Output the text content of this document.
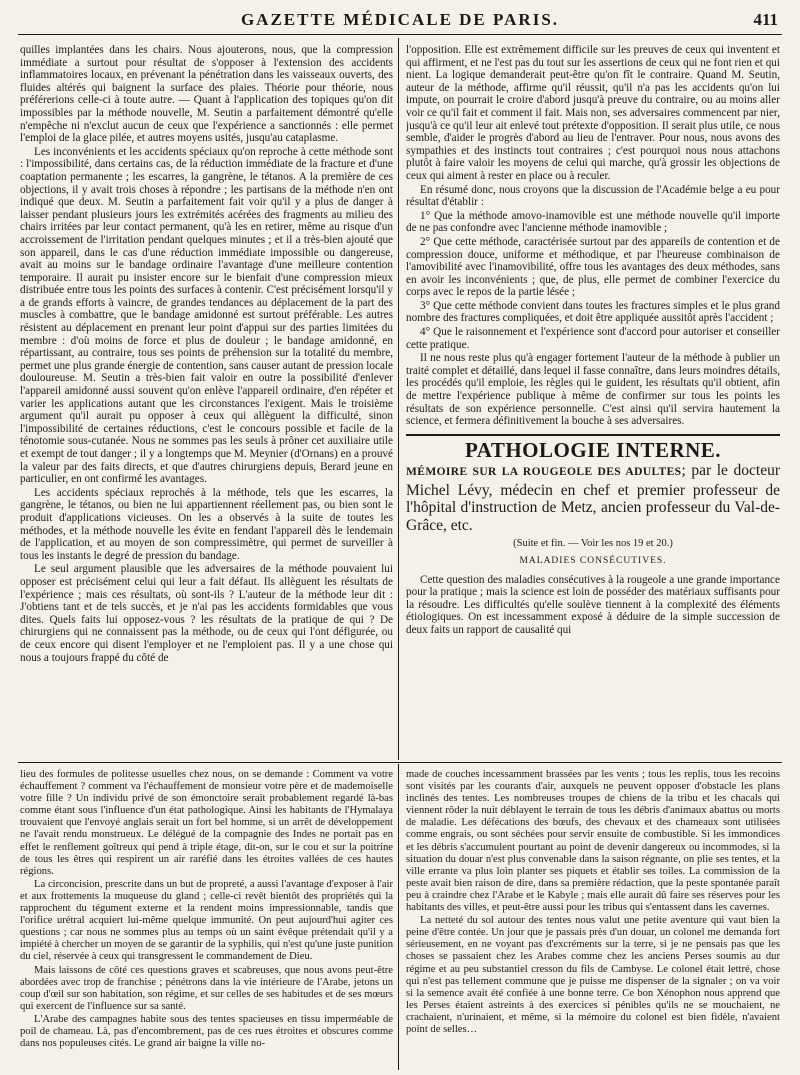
GAZETTE MÉDICALE DE PARIS.	411

quilles implantées dans les chairs. Nous ajouterons, nous, que la compression immédiate a surtout pour résultat de s'opposer à l'extension des accidents inflammatoires locaux, en prévenant la pénétration dans les vaisseaux ouverts, des fluides altérés qui baignent la surface des plaies. Théorie pour théorie, nous préférerions celle-ci à toute autre. — Quant à l'application des topiques qu'on dit impossibles par la méthode nouvelle, M. Seutin a parfaitement démontré qu'elle n'empêche ni n'exclut aucun de ceux que l'expérience a sanctionnés : elle permet l'emploi de la glace pilée, et autres moyens usités, jusqu'au cataplasme.

Les inconvénients et les accidents spéciaux qu'on reproche à cette méthode sont : l'impossibilité, dans certains cas, de la réduction immédiate de la fracture et d'une coaptation permanente ; les escarres, la gangrène, le tétanos. A la première de ces objections, il y avait trois choses à répondre ; les partisans de la méthode n'en ont indiqué que deux. M. Seutin a parfaitement fait voir qu'il y a plus de danger à laisser pendant plusieurs jours les extrémités acérées des fragments au milieu des chairs irritées par leur contact permanent, qu'à les en retirer, même au risque d'un accroissement de l'irritation pendant quelques minutes ; et il a très-bien ajouté que son appareil, dans le cas d'une réduction immédiate impossible ou dangereuse, avait au moins sur le bandage ordinaire l'avantage d'une meilleure contention temporaire. Il aurait pu insister encore sur le bienfait d'une compression mieux distribuée entre tous les points des surfaces à contenir. C'est précisément lorsqu'il y a de grands efforts à vaincre, de grandes tendances au déplacement de la part des muscles à combattre, que le bandage amidonné est surtout préférable. Les autres résistent au déplacement en prenant leur point d'appui sur des parties limitées du membre : d'où moins de force et plus de douleur ; le bandage amidonné, en répartissant, au contraire, tous ses points de préhension sur la totalité du membre, permet une plus grande énergie de contention, sans causer autant de pression locale douloureuse. M. Seutin a très-bien fait valoir en outre la possibilité d'enlever l'appareil amidonné aussi souvent qu'on enlève l'appareil ordinaire, d'en répéter et varier les applications autant que les circonstances l'exigent. Mais le troisième argument qu'il aurait pu opposer à ceux qui allèguent la difficulté, sinon l'impossibilité de certaines réductions, c'est le concours possible et facile de la ténotomie sous-cutanée. Nous ne sommes pas les seuls à prôner cet auxiliaire utile et exempt de tout danger ; il y a longtemps que M. Meynier (d'Ornans) en a prouvé la valeur par des faits directs, et que d'autres chirurgiens depuis, Berard jeune en particulier, en ont confirmé les avantages.

Les accidents spéciaux reprochés à la méthode, tels que les escarres, la gangrène, le tétanos, ou bien ne lui appartiennent réellement pas, ou bien sont le produit d'applications vicieuses. On les a observés à la suite de toutes les méthodes, et la méthode nouvelle les évite en fendant l'appareil dès le lendemain de l'application, et au moyen de son compressimètre, qui permet de surveiller à tous les instants le degré de pression du bandage.

Le seul argument plausible que les adversaires de la méthode pouvaient lui opposer est précisément celui qui leur a fait défaut. Ils allèguent les résultats de l'expérience ; mais ces résultats, où sont-ils ? L'auteur de la méthode leur dit : J'obtiens tant et de tels succès, et je n'ai pas les accidents formidables que vous dites. Quels faits lui opposez-vous ? les résultats de la pratique de qui ? De chirurgiens qui ne connaissent pas la méthode, ou de ceux qui l'ont défigurée, ou de ceux encore qui disent l'employer et ne l'emploient pas. Il y a une chose qui nous a toujours frappé du côté de

l'opposition. Elle est extrêmement difficile sur les preuves de ceux qui inventent et qui affirment, et ne l'est pas du tout sur les assertions de ceux qui ne font rien et qui nient. La logique demanderait peut-être qu'on fît le contraire. Quand M. Seutin, auteur de la méthode, affirme qu'il réussit, qu'il n'a pas les accidents qu'on lui impute, on pourrait le croire d'abord jusqu'à preuve du contraire, ou au moins aller voir ce qu'il fait et comment il fait. Mais non, ses adversaires commencent par nier, jusqu'à ce qu'il leur ait enlevé tout prétexte d'opposition. Il serait plus utile, ce nous semble, d'aider le progrès d'abord au lieu de l'entraver. Pour nous, nous avons des sympathies et des instincts tout contraires ; c'est pourquoi nous nous attachons plutôt à faire valoir les moyens de celui qui marche, qu'à grossir les objections de ceux qui aiment à rester en place ou à reculer.

En résumé donc, nous croyons que la discussion de l'Académie belge a eu pour résultat d'établir :

1° Que la méthode amovo-inamovible est une méthode nouvelle qu'il importe de ne pas confondre avec l'ancienne méthode inamovible ;

2° Que cette méthode, caractérisée surtout par des appareils de contention et de compression douce, uniforme et méthodique, et par l'heureuse combinaison de l'amovibilité avec l'inamovibilité, offre tous les avantages des deux méthodes, sans en avoir les inconvénients ; que, de plus, elle permet de combiner l'exercice du corps avec le repos de la partie lésée ;

3° Que cette méthode convient dans toutes les fractures simples et le plus grand nombre des fractures compliquées, et doit être appliquée aussitôt après l'accident ;

4° Que le raisonnement et l'expérience sont d'accord pour autoriser et conseiller cette pratique.

Il ne nous reste plus qu'à engager fortement l'auteur de la méthode à publier un traité complet et détaillé, dans lequel il fasse connaître, dans leurs moindres détails, les procédés qu'il emploie, les règles qui le guident, les résultats qu'il obtient, afin de mettre l'expérience publique à même de confirmer sur tous les points les résultats de son expérience personnelle. C'est ainsi qu'il servira hautement la science, et fermera définitivement la bouche à ses adversaires.

PATHOLOGIE INTERNE.
MÉMOIRE SUR LA ROUGEOLE DES ADULTES; par le docteur Michel Lévy, médecin en chef et premier professeur de l'hôpital d'instruction de Metz, ancien professeur du Val-de-Grâce, etc.
(Suite et fin. — Voir les nos 19 et 20.)
MALADIES CONSÉCUTIVES.

Cette question des maladies consécutives à la rougeole a une grande importance pour la pratique ; mais la science est loin de posséder des matériaux suffisants pour la résoudre. Les difficultés qu'elle soulève tiennent à la complexité des éléments étiologiques. On est incessamment exposé à déduire de la simple succession de deux faits un rapport de causalité qui

lieu des formules de politesse usuelles chez nous, on se demande : Comment va votre échauffement ? comment va l'échauffement de monsieur votre père et de mademoiselle votre fille ? Un individu privé de son émonctoire serait probablement regardé là-bas comme étant sous l'influence d'un état pathologique. Ainsi les habitants de l'Hymalaya trouvaient que l'envoyé anglais serait un fort bel homme, si un arrêt de développement ne l'avait rendu monstrueux. Le délégué de la compagnie des Indes ne portait pas en effet le renflement goîtreux qui pend à triple étage, dit-on, sur le cou et sur la poitrine de tous les êtres qui respirent un air raréfié dans les étroites vallées de ces hautes régions.

La circoncision, prescrite dans un but de propreté, a aussi l'avantage d'exposer à l'air et aux frottements la muqueuse du gland ; celle-ci revêt bientôt des propriétés qui la rapprochent du tégument externe et la rendent moins impressionnable, tandis que l'orifice urétral acquiert lui-même quelque immunité. On peut aujourd'hui agiter ces questions ; car nous ne sommes plus au temps où un saint évêque prétendait qu'il y a impiété à chercher un moyen de se garantir de la syphilis, qui n'est qu'une juste punition du ciel, réservée à ceux qui transgressent le commandement de Dieu.

Mais laissons de côté ces questions graves et scabreuses, que nous avons peut-être abordées avec trop de franchise ; pénétrons dans la vie intérieure de l'Arabe, jetons un coup d'œil sur son habitation, son régime, et sur celles de ses habitudes et de ses mœurs qui exercent de l'influence sur sa santé.

L'Arabe des campagnes habite sous des tentes spacieuses en tissu imperméable de poil de chameau. Là, pas d'encombrement, pas de ces rues étroites et obscures comme dans nos populeuses cités. Le grand air baigne la ville no-

made de couches incessamment brassées par les vents ; tous les replis, tous les recoins sont visités par les courants d'air, auxquels ne peuvent opposer d'obstacle les plans inclinés des tentes. Les nombreuses troupes de chiens de la tribu et les chacals qui viennent rôder la nuit déblayent le terrain de tous les débris d'animaux abattus ou morts de maladie. Les défécations des bœufs, des chevaux et des chameaux sont utilisées comme engrais, ou sont séchées pour servir ensuite de combustible. Si les immondices et les débris s'accumulent pourtant au point de devenir dangereux ou incommodes, si la situation du douar n'est plus convenable dans la saison régnante, on plie ses tentes, et la ville errante va plus loin planter ses piquets et établir ses toiles. La commission de la peste avait bien raison de dire, dans sa première rédaction, que la peste spontanée paraît peu à craindre chez l'Arabe et le Kabyle ; mais elle aurait dû faire ses réserves pour les habitants des villes, et peut-être aussi pour les tribus qui s'entassent dans les cavernes.

La netteté du sol autour des tentes nous valut une petite aventure qui vaut bien la peine d'être contée. Un jour que je passais près d'un douar, un colonel me demanda fort sérieusement, en ne voyant pas d'excréments sur la terre, si je ne pensais pas que les choses se passaient chez les Arabes comme chez les anciens Perses soumis au dur régime et au peu substantiel cresson du fils de Cambyse. Le colonel était lettré, chose qui n'est pas tellement commune que je puisse me dispenser de la signaler ; on va voir si la semence avait été confiée à une bonne terre. Ce bon Xénophon nous apprend que les Perses étaient astreints à des exercices si pénibles qu'ils ne se mouchaient, ne crachaient, n'urinaient, et même, si la mémoire du colonel est bien fidèle, n'avaient point de selles…
